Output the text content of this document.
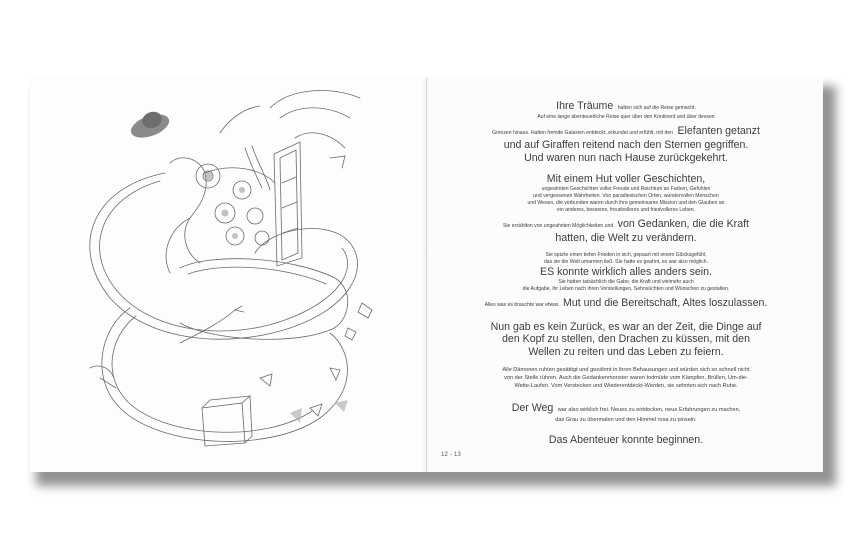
Ihre Träume hatten sich auf die Reise gemacht.

Auf eine lange abenteuerliche Reise quer über den Kontinent und über dessen

Grenzen hinaus. Hatten fremde Galaxien entdeckt, erkundet und erfühlt, mit den Elefanten getanzt

und auf Giraffen reitend nach den Sternen gegriffen.

Und waren nun nach Hause zurückgekehrt.

Mit einem Hut voller Geschichten,

ungeahnten Geschichten voller Freude und Reichtum an Farben, Gefühlen

und vergessenen Wahrheiten. Von paradiesischen Orten, wundervollen Menschen

und Wesen, die verbunden waren durch ihre gemeinsame Mission und den Glauben an

ein anderes, besseres, freudvolleres und friedvolleres Leben.

Sie erzählten von ungeahnten Möglichkeiten und von Gedanken, die die Kraft

hatten, die Welt zu verändern.

Sie spürte einen tiefen Frieden in sich, gepaart mit einem Glücksgefühl,

das sie die Welt umarmen ließ. Sie hatte es geahnt, es war also möglich.

ES konnte wirklich alles anders sein.

Sie hatten tatsächlich die Gabe, die Kraft und vielmehr auch

die Aufgabe, ihr Leben nach ihren Vorstellungen, Sehnsüchten und Wünschen zu gestalten.

Alles was es brauchte war etwas Mut und die Bereitschaft, Altes loszulassen.

Nun gab es kein Zurück, es war an der Zeit, die Dinge auf

den Kopf zu stellen, den Drachen zu küssen, mit den

Wellen zu reiten und das Leben zu feiern.

Alle Dämonen ruhten gesättigt und gezähmt in ihren Behausungen und würden sich so schnell nicht

von der Stelle rühren. Auch die Gedankenmonster waren todmüde vom Kämpfen, Brüllen, Um-die-

Wette-Laufen. Vom Verstecken und Wiederentdeckt-Werden, sie sehnten sich nach Ruhe.

Der Weg war also wirklich frei. Neues zu entdecken, neue Erfahrungen zu machen,

das Grau zu übermalen und den Himmel rosa zu pinseln.

Das Abenteuer konnte beginnen.

12 - 13
